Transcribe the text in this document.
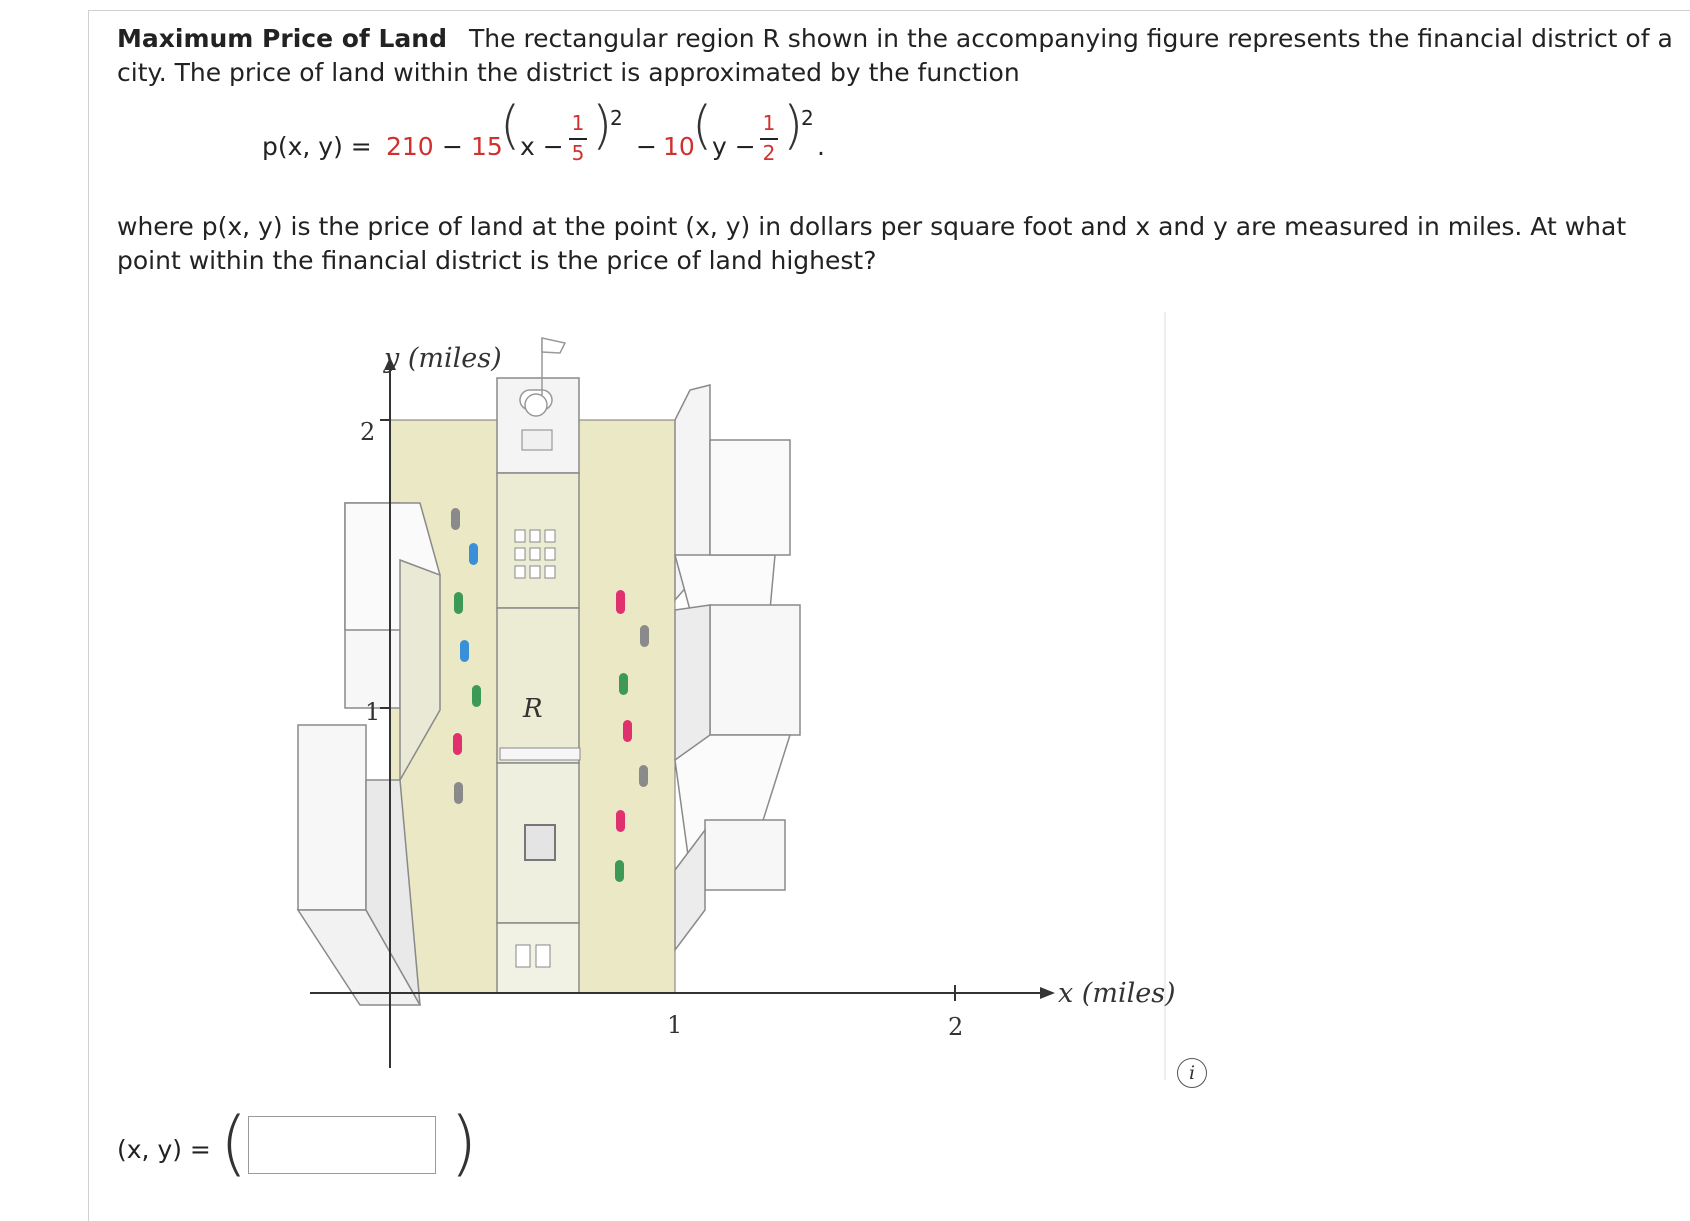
Maximum Price of Land The rectangular region R shown in the accompanying figure represents the financial district of a city. The price of land within the district is approximated by the function
p(x, y) = 210 − 15
( x −
1
5 )
2
− 10
( y −
1
2 )
2
.
where p(x, y) is the price of land at the point (x, y) in dollars per square foot and x and y are measured in miles. At what point within the financial district is the price of land highest?
y (miles)
x (miles)
2
1
1	2
R
i
(x, y) = (	)
